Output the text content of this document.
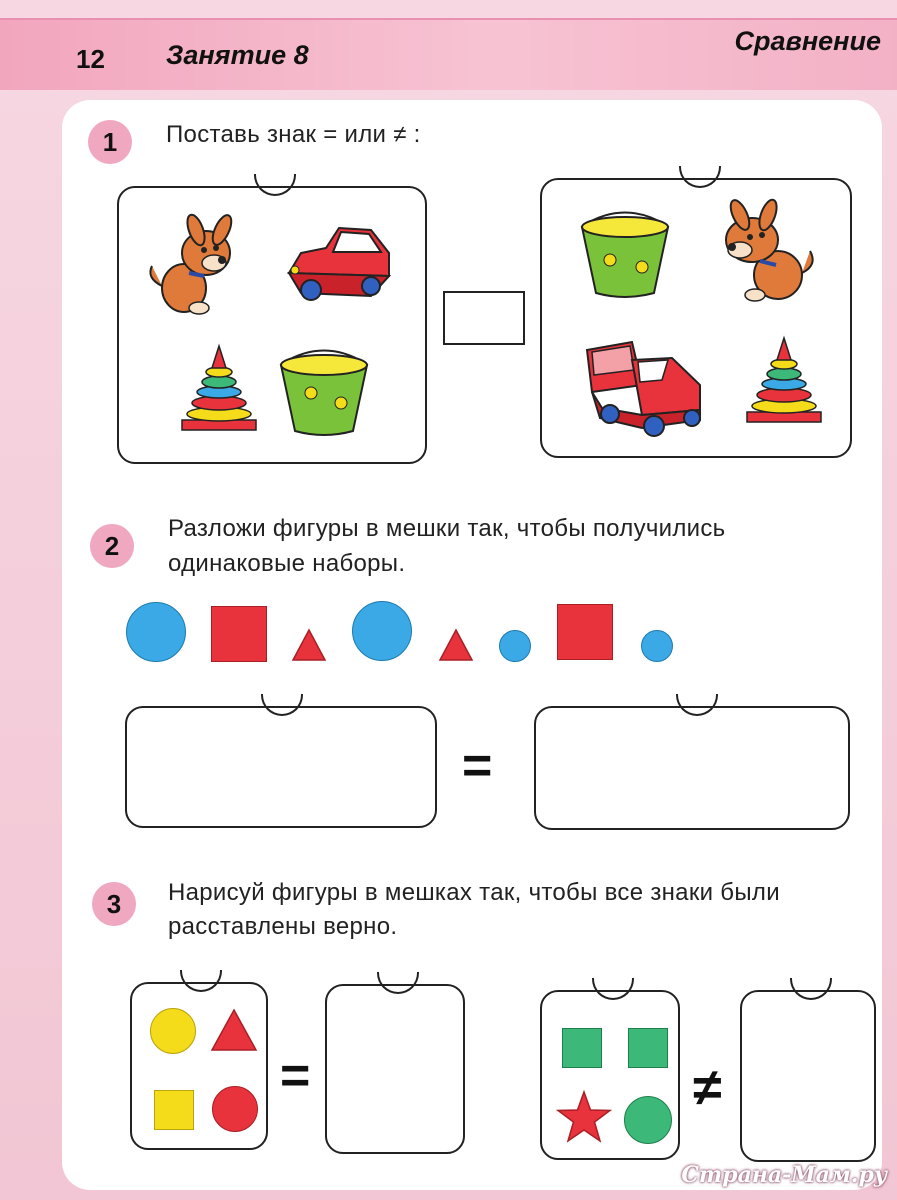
12 Занятие 8	Сравнение
1	Поставь знак = или ≠ :
2
Разложи фигуры в мешки так, чтобы получились
одинаковые наборы.
=
3	Нарисуй фигуры в мешках так, чтобы все знаки были
расставлены верно.
=	≠
Страна-Мам.ру
